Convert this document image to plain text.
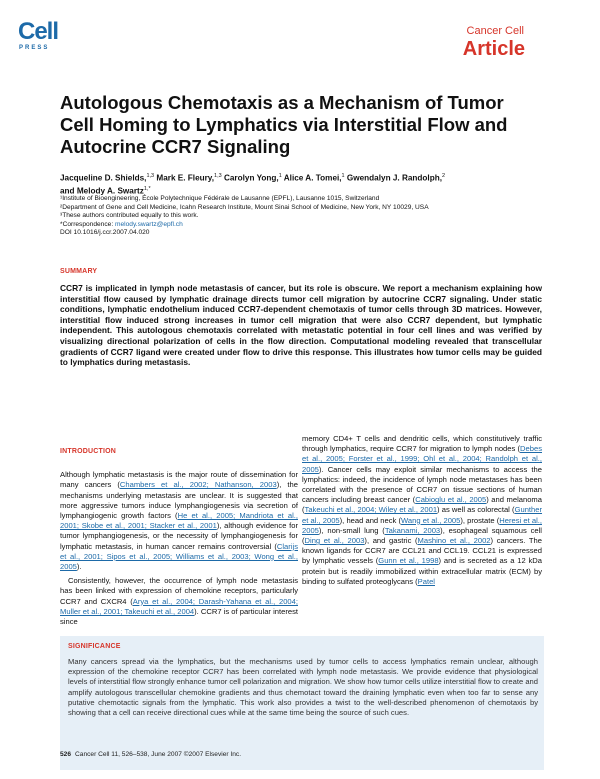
Cell
PRESS
Cancer Cell
Article
Autologous Chemotaxis as a Mechanism of Tumor Cell Homing to Lymphatics via Interstitial Flow and Autocrine CCR7 Signaling
Jacqueline D. Shields,$^{1,3}$ Mark E. Fleury,$^{1,3}$ Carolyn Yong,$^1$ Alice A. Tomei,$^1$ Gwendalyn J. Randolph,$^2$
and Melody A. Swartz$^{1,*}$
¹Institute of Bioengineering, École Polytechnique Fédérale de Lausanne (EPFL), Lausanne 1015, Switzerland
²Department of Gene and Cell Medicine, Icahn Research Institute, Mount Sinai School of Medicine, New York, NY 10029, USA
³These authors contributed equally to this work.
*Correspondence: melody.swartz@epfl.ch
DOI 10.1016/j.ccr.2007.04.020
SUMMARY
CCR7 is implicated in lymph node metastasis of cancer, but its role is obscure. We report a mechanism explaining how interstitial flow caused by lymphatic drainage directs tumor cell migration by autocrine CCR7 signaling. Under static conditions, lymphatic endothelium induced CCR7-dependent chemotaxis of tumor cells through 3D matrices. However, interstitial flow induced strong increases in tumor cell migration that were also CCR7 dependent, but lymphatic independent. This autologous chemotaxis correlated with metastatic potential in four cell lines and was verified by visualizing directional polarization of cells in the flow direction. Computational modeling revealed that transcellular gradients of CCR7 ligand were created under flow to drive this response. This illustrates how tumor cells may be guided to lymphatics during metastasis.
INTRODUCTION

Although lymphatic metastasis is the major route of dissemination for many cancers (Chambers et al., 2002; Nathanson, 2003), the mechanisms underlying metastasis are unclear. It is suggested that more aggressive tumors induce lymphangiogenesis via secretion of lymphangiogenic growth factors (He et al., 2005; Mandriota et al., 2001; Skobe et al., 2001; Stacker et al., 2001), although evidence for tumor lymphangiogenesis, or the necessity of lymphangiogenesis for lymphatic metastasis, in human cancer remains controversial (Clarijs et al., 2001; Sipos et al., 2005; Williams et al., 2003; Wong et al., 2005).

Consistently, however, the occurrence of lymph node metastasis has been linked with expression of chemokine receptors, particularly CCR7 and CXCR4 (Arya et al., 2004; Darash-Yahana et al., 2004; Muller et al., 2001; Takeuchi et al., 2004). CCR7 is of particular interest since

memory CD4+ T cells and dendritic cells, which constitutively traffic through lymphatics, require CCR7 for migration to lymph nodes (Debes et al., 2005; Forster et al., 1999; Ohl et al., 2004; Randolph et al., 2005). Cancer cells may exploit similar mechanisms to access the lymphatics: indeed, the incidence of lymph node metastases has been correlated with the presence of CCR7 on tissue sections of human cancers including breast cancer (Cabioglu et al., 2005) and melanoma (Takeuchi et al., 2004; Wiley et al., 2001) as well as colorectal (Gunther et al., 2005), head and neck (Wang et al., 2005), prostate (Heresi et al., 2005), non-small lung (Takanami, 2003), esophageal squamous cell (Ding et al., 2003), and gastric (Mashino et al., 2002) cancers. The known ligands for CCR7 are CCL21 and CCL19. CCL21 is expressed by lymphatic vessels (Gunn et al., 1998) and is secreted as a 12 kDa protein but is readily immobilized within extracellular matrix (ECM) by binding to sulfated proteoglycans (Patel

SIGNIFICANCE
Many cancers spread via the lymphatics, but the mechanisms used by tumor cells to access lymphatics remain unclear, although expression of the chemokine receptor CCR7 has been correlated with lymph node metastasis. We provide evidence that physiological levels of interstitial flow strongly enhance tumor cell polarization and migration. We show how tumor cells utilize interstitial flow to create and amplify autologous transcellular chemokine gradients and thus chemotact toward the draining lymphatic even when too far to sense any putative chemotactic signals from the lymphatic. This work also provides a twist to the well-described phenomenon of chemotaxis by showing that a cell can receive directional cues while at the same time being the source of such cues.
526 Cancer Cell 11, 526–538, June 2007 ©2007 Elsevier Inc.
